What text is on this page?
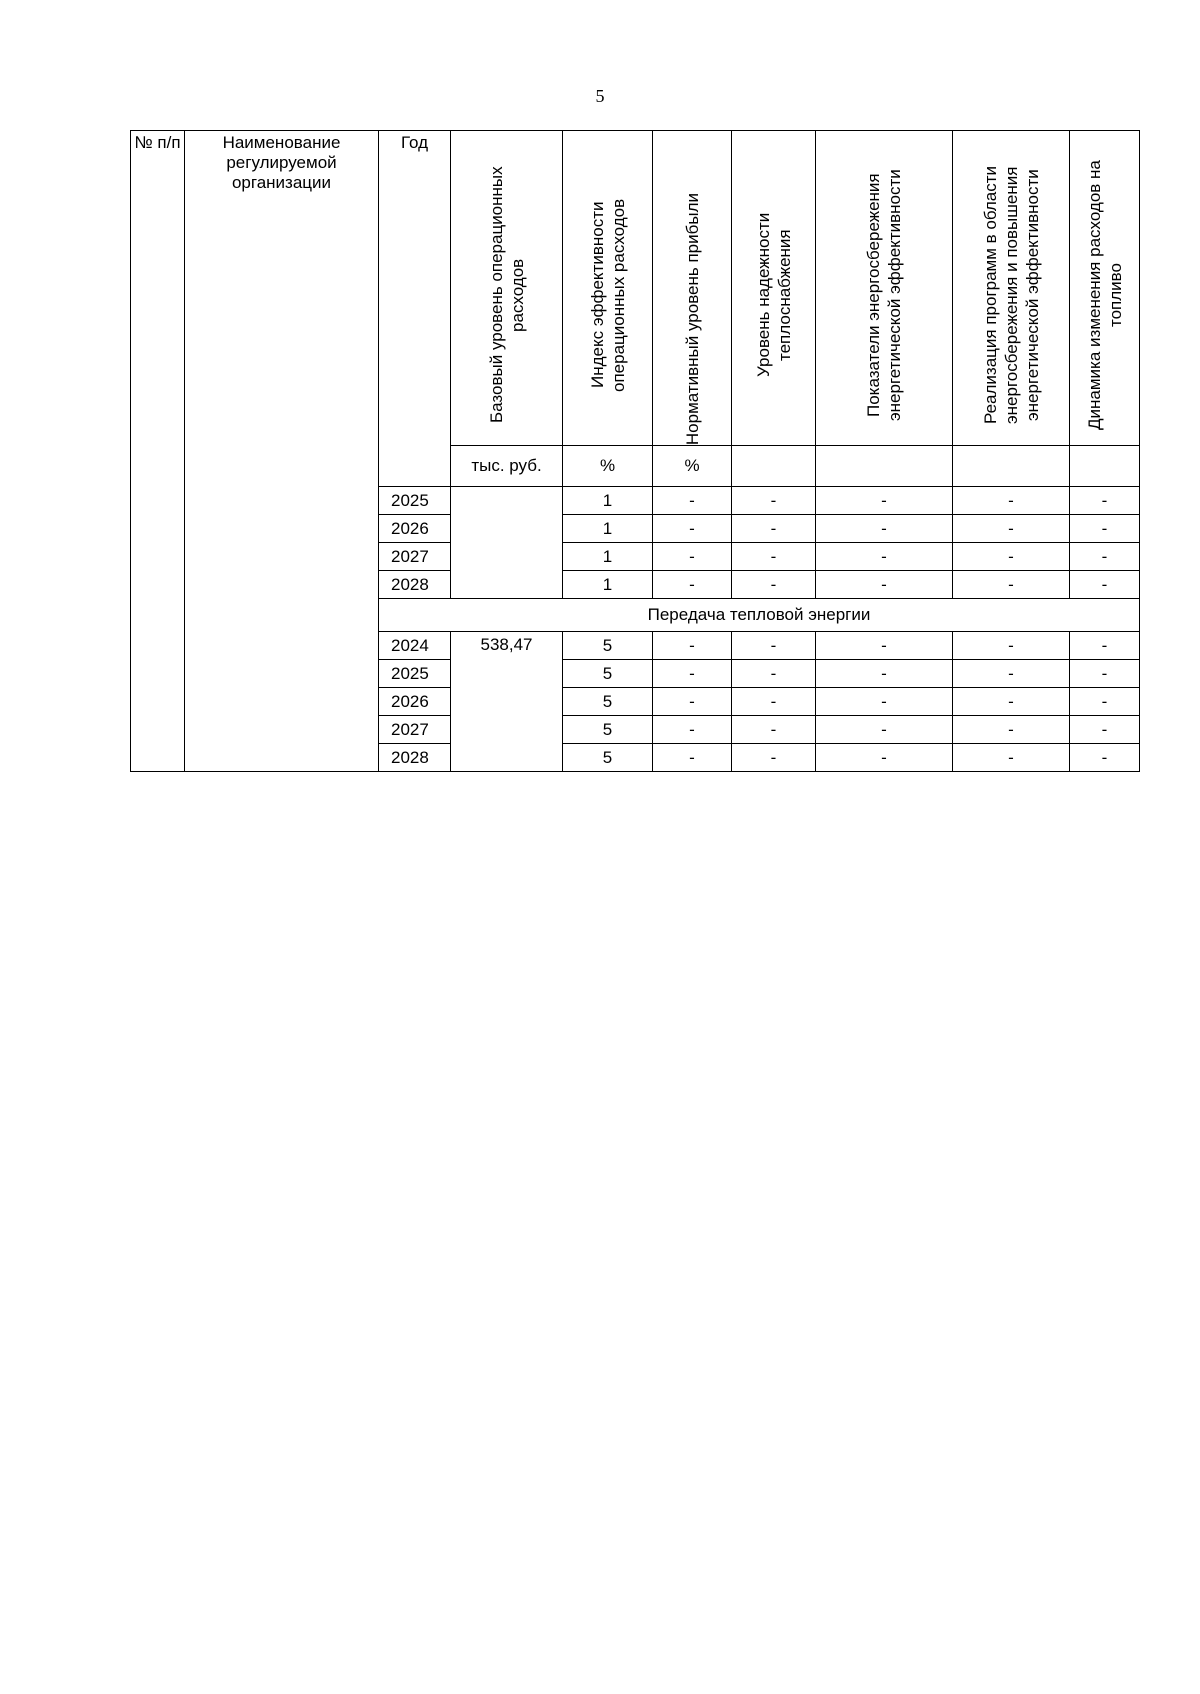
5
№ п/п	Наименование регулируемой организации	Год	Базовый уровень операционных расходов	Индекс эффективности операционных расходов	Нормативный уровень прибыли	Уровень надежности теплоснабжения	Показатели энергосбережения энергетической эффективности	Реализация программ в области энергосбережения и повышения энергетической эффективности	Динамика изменения расходов на топливо

			тыс. руб.	%	%				
		2025		1	-	-	-	-	-
		2026		1	-	-	-	-	-
		2027		1	-	-	-	-	-
		2028		1	-	-	-	-	-
		Передача тепловой энергии							
		2024	538,47	5	-	-	-	-	-
		2025		5	-	-	-	-	-
		2026		5	-	-	-	-	-
		2027		5	-	-	-	-	-
		2028		5	-	-	-	-	-
